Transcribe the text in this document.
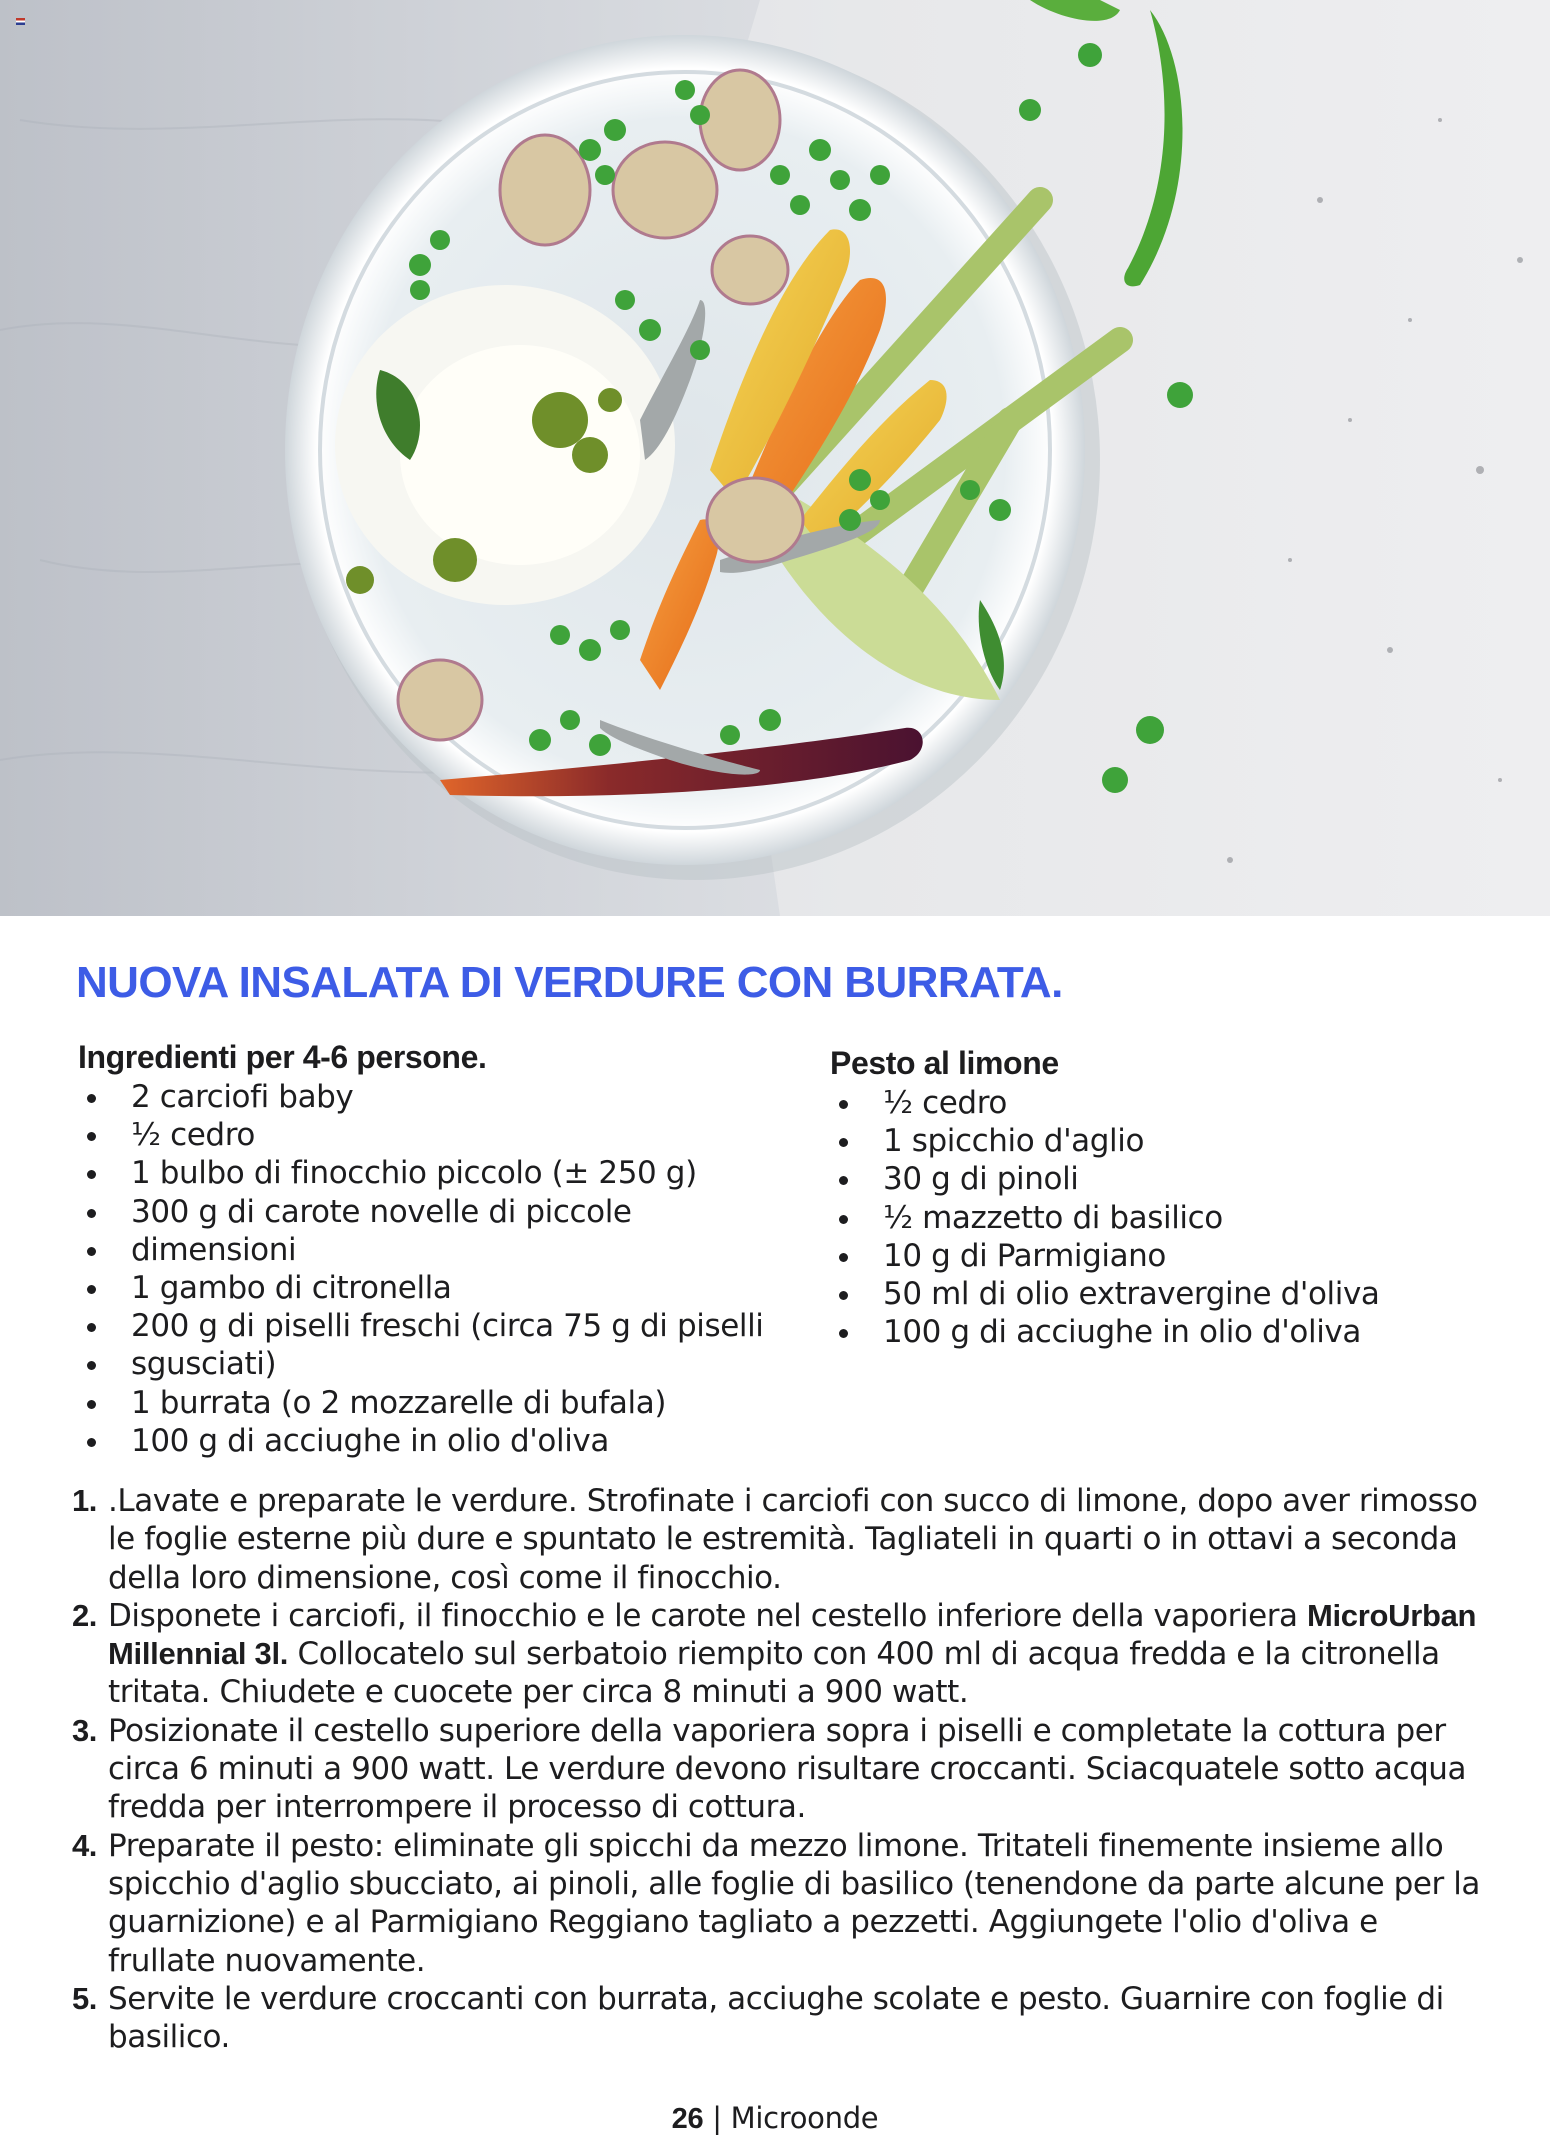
NUOVA INSALATA DI VERDURE CON BURRATA.
Ingredienti per 4-6 persone.
2 carciofi baby
½ cedro
1 bulbo di finocchio piccolo (± 250 g)
300 g di carote novelle di piccole
dimensioni
1 gambo di citronella
200 g di piselli freschi (circa 75 g di piselli
sgusciati)
1 burrata (o 2 mozzarelle di bufala)
100 g di acciughe in olio d'oliva
Pesto al limone
½ cedro
1 spicchio d'aglio
30 g di pinoli
½ mazzetto di basilico
10 g di Parmigiano
50 ml di olio extravergine d'oliva
100 g di acciughe in olio d'oliva
1. .Lavate e preparate le verdure. Strofinate i carciofi con succo di limone, dopo aver rimosso le foglie esterne più dure e spuntato le estremità. Tagliateli in quarti o in ottavi a seconda della loro dimensione, così come il finocchio.
2. Disponete i carciofi, il finocchio e le carote nel cestello inferiore della vaporiera MicroUrban Millennial 3l. Collocatelo sul serbatoio riempito con 400 ml di acqua fredda e la citronella tritata. Chiudete e cuocete per circa 8 minuti a 900 watt.
3. Posizionate il cestello superiore della vaporiera sopra i piselli e completate la cottura per circa 6 minuti a 900 watt. Le verdure devono risultare croccanti. Sciacquatele sotto acqua fredda per interrompere il processo di cottura.
4. Preparate il pesto: eliminate gli spicchi da mezzo limone. Tritateli finemente insieme allo spicchio d'aglio sbucciato, ai pinoli, alle foglie di basilico (tenendone da parte alcune per la guarnizione) e al Parmigiano Reggiano tagliato a pezzetti. Aggiungete l'olio d'oliva e frullate nuovamente.
5. Servite le verdure croccanti con burrata, acciughe scolate e pesto. Guarnire con foglie di basilico.
26 | Microonde
